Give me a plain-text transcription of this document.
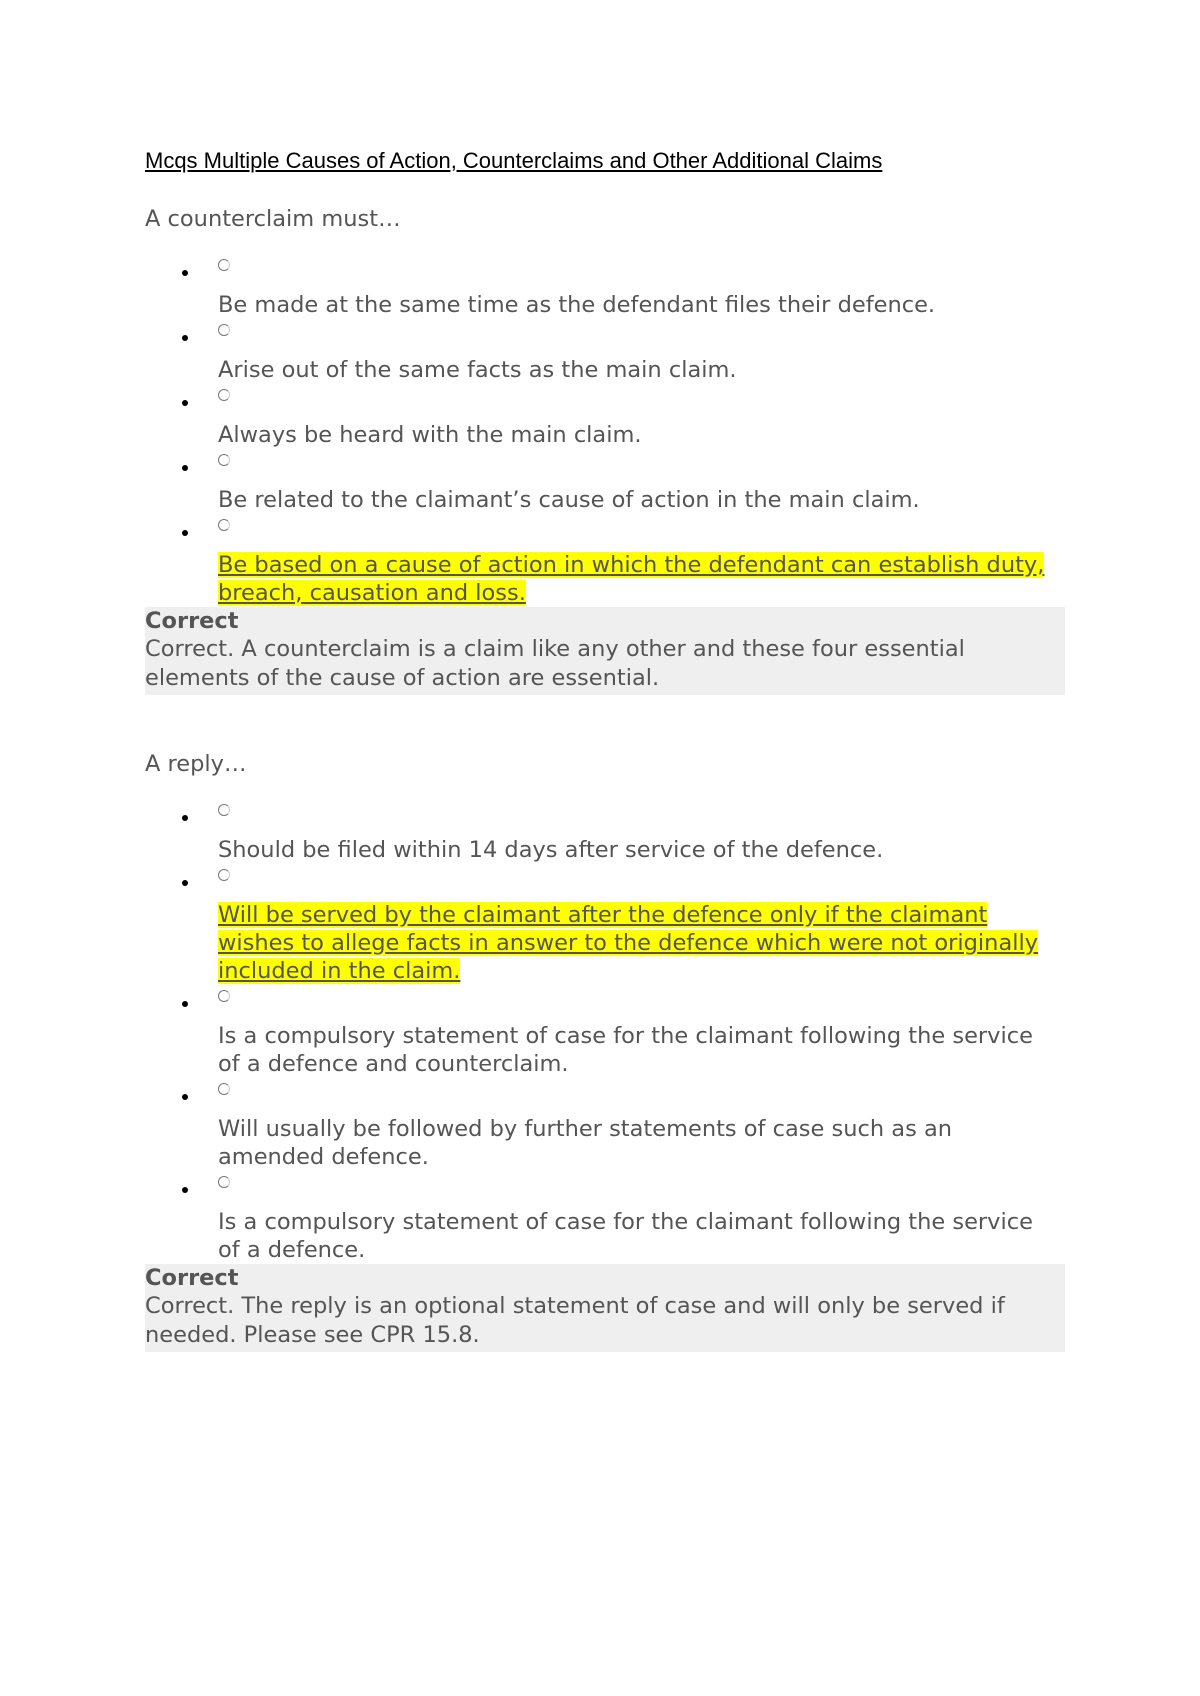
Mcqs Multiple Causes of Action, Counterclaims and Other Additional Claims

A counterclaim must…

Be made at the same time as the defendant files their defence.
Arise out of the same facts as the main claim.
Always be heard with the main claim.
Be related to the claimant’s cause of action in the main claim.
Be based on a cause of action in which the defendant can establish duty, breach, causation and loss.
Correct
Correct. A counterclaim is a claim like any other and these four essential elements of the cause of action are essential.

A reply…

Should be filed within 14 days after service of the defence.
Will be served by the claimant after the defence only if the claimant wishes to allege facts in answer to the defence which were not originally included in the claim.
Is a compulsory statement of case for the claimant following the service of a defence and counterclaim.
Will usually be followed by further statements of case such as an amended defence.
Is a compulsory statement of case for the claimant following the service of a defence.
Correct
Correct. The reply is an optional statement of case and will only be served if needed. Please see CPR 15.8.
